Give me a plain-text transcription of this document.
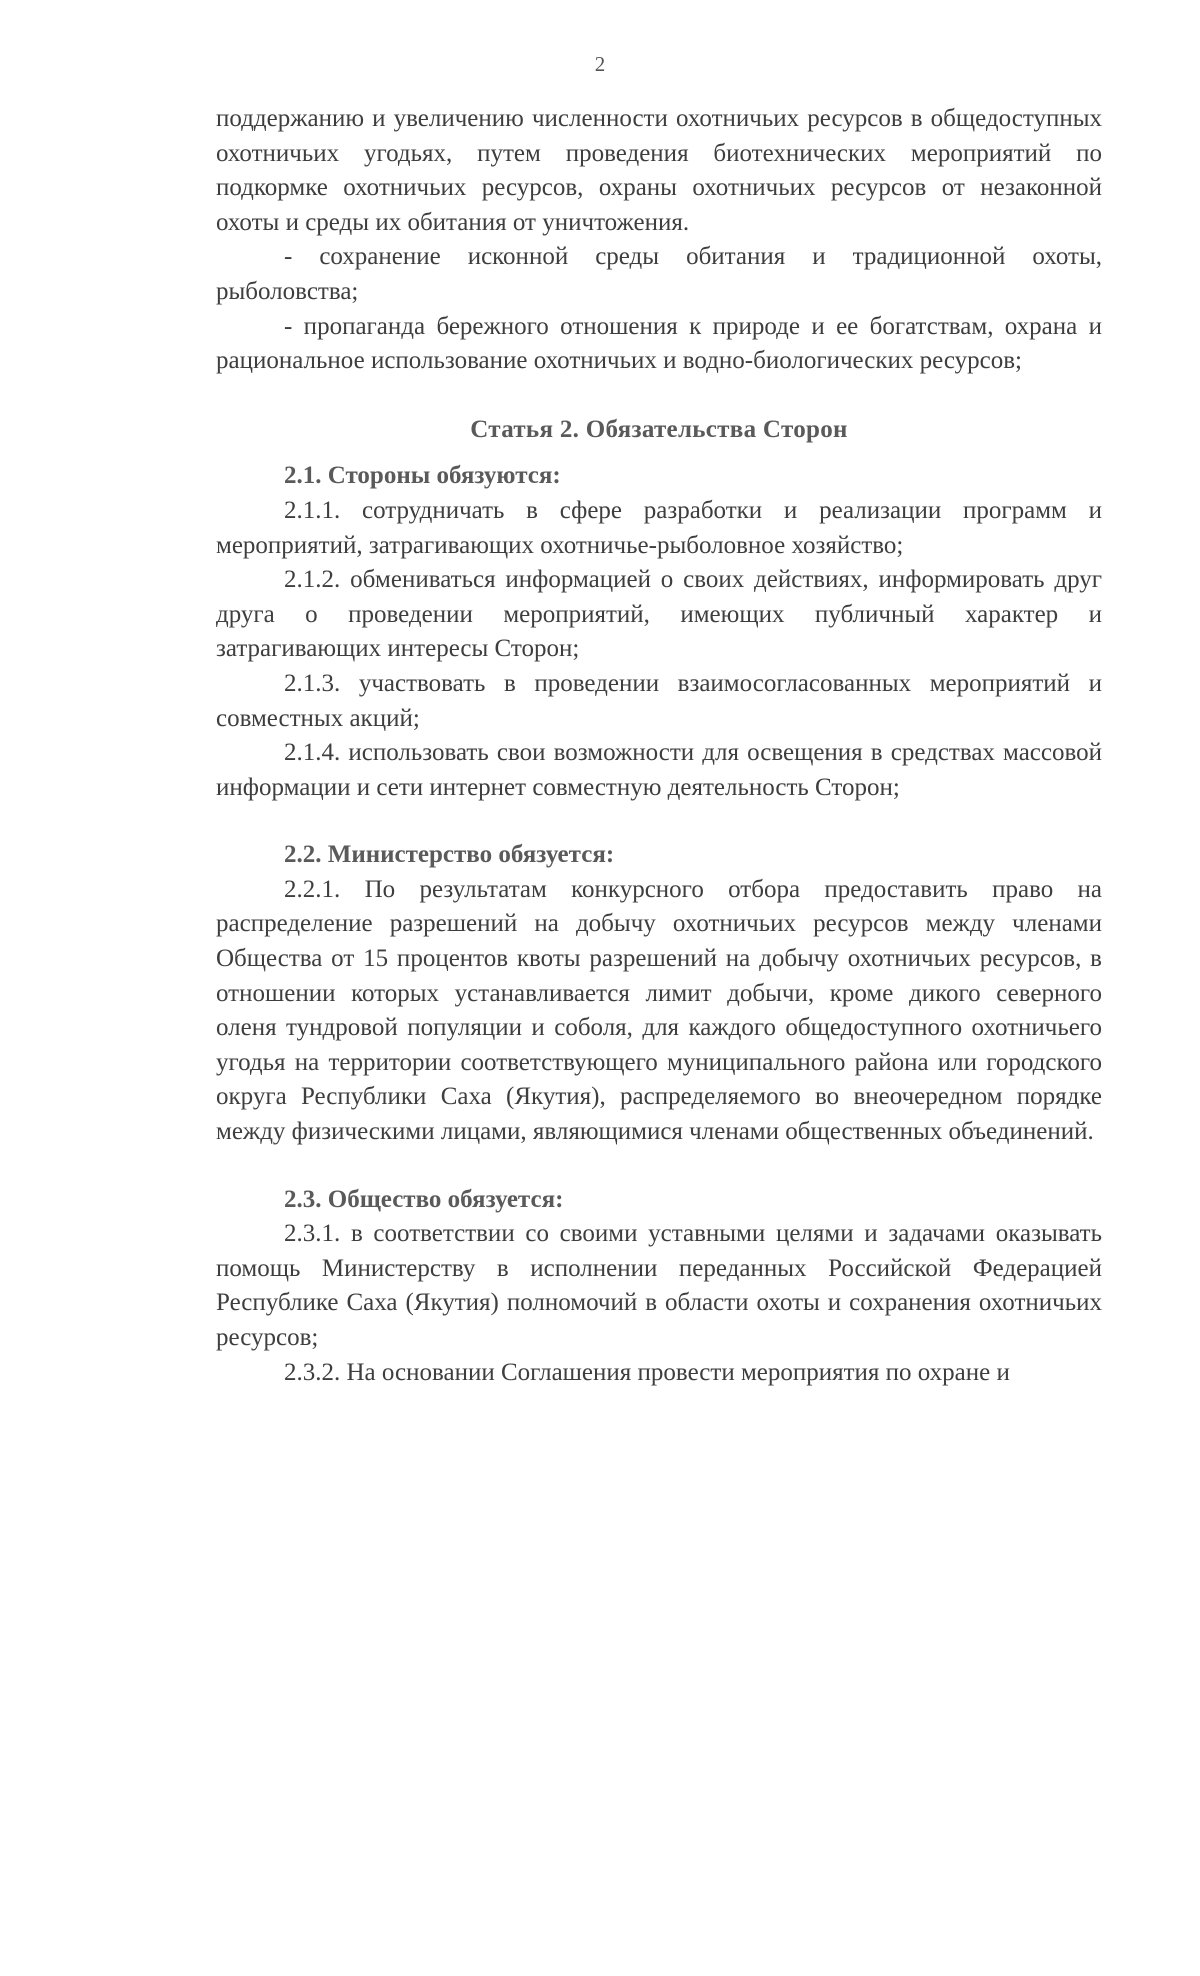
2

поддержанию и увеличению численности охотничьих ресурсов в общедоступных охотничьих угодьях, путем проведения биотехнических мероприятий по подкормке охотничьих ресурсов, охраны охотничьих ресурсов от незаконной охоты и среды их обитания от уничтожения.

- сохранение исконной среды обитания и традиционной охоты, рыболовства;

- пропаганда бережного отношения к природе и ее богатствам, охрана и рациональное использование охотничьих и водно-биологических ресурсов;

Статья 2. Обязательства Сторон

2.1. Стороны обязуются:

2.1.1. сотрудничать в сфере разработки и реализации программ и мероприятий, затрагивающих охотничье-рыболовное хозяйство;

2.1.2. обмениваться информацией о своих действиях, информировать друг друга о проведении мероприятий, имеющих публичный характер и затрагивающих интересы Сторон;

2.1.3. участвовать в проведении взаимосогласованных мероприятий и совместных акций;

2.1.4. использовать свои возможности для освещения в средствах массовой информации и сети интернет совместную деятельность Сторон;

2.2. Министерство обязуется:

2.2.1. По результатам конкурсного отбора предоставить право на распределение разрешений на добычу охотничьих ресурсов между членами Общества от 15 процентов квоты разрешений на добычу охотничьих ресурсов, в отношении которых устанавливается лимит добычи, кроме дикого северного оленя тундровой популяции и соболя, для каждого общедоступного охотничьего угодья на территории соответствующего муниципального района или городского округа Республики Саха (Якутия), распределяемого во внеочередном порядке между физическими лицами, являющимися членами общественных объединений.

2.3. Общество обязуется:

2.3.1. в соответствии со своими уставными целями и задачами оказывать помощь Министерству в исполнении переданных Российской Федерацией Республике Саха (Якутия) полномочий в области охоты и сохранения охотничьих ресурсов;

2.3.2. На основании Соглашения провести мероприятия по охране и
